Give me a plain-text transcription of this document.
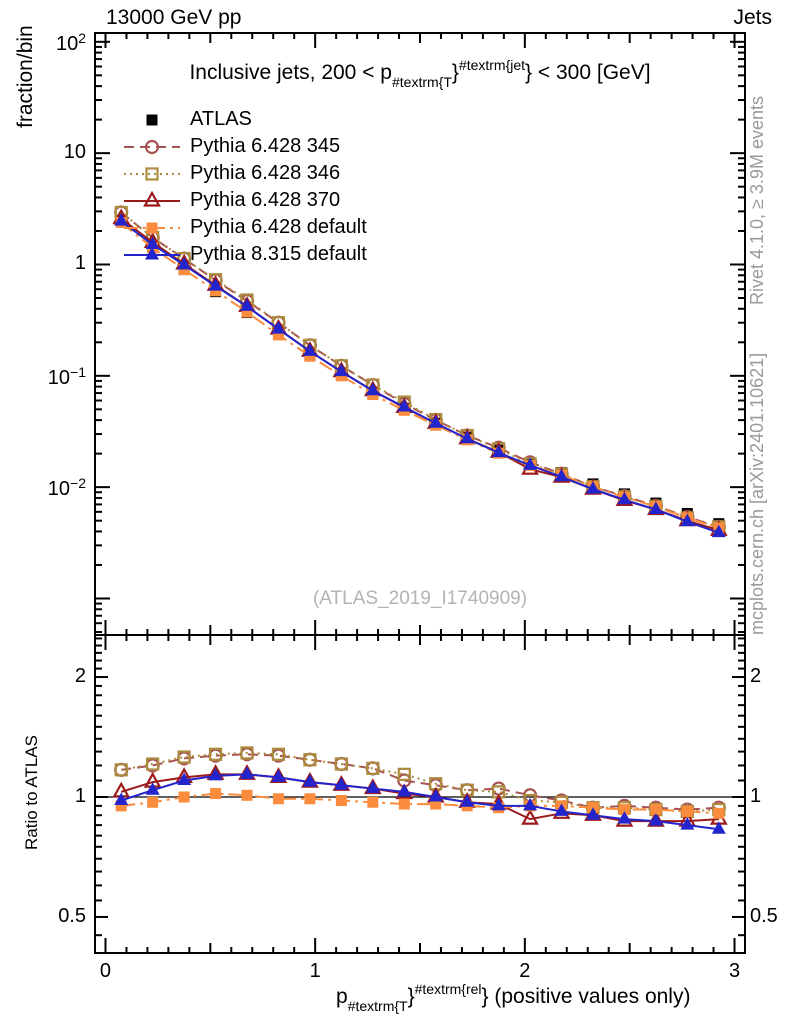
13000 GeV pp	Jets
Inclusive jets, $200 < p_{\#textrm\{T}\}^{\#textrm\{jet}\} < 300$ [GeV]
fraction/bin
Ratio to ATLAS
Rivet 4.1.0, ≥ 3.9M events
mcplots.cern.ch [arXiv:2401.10621]
(ATLAS_2019_I1740909)
$p_{\#textrm\{T}\}^{\#textrm\{rel}$} (positive values only)
ATLAS
Pythia 6.428 345
Pythia 6.428 346
Pythia 6.428 370
Pythia 6.428 default
Pythia 8.315 default
$10^2$
10
1
$10^{-1}$
$10^{-2}$
2	2
1	1
0.5	0.5
0	1	2	3
